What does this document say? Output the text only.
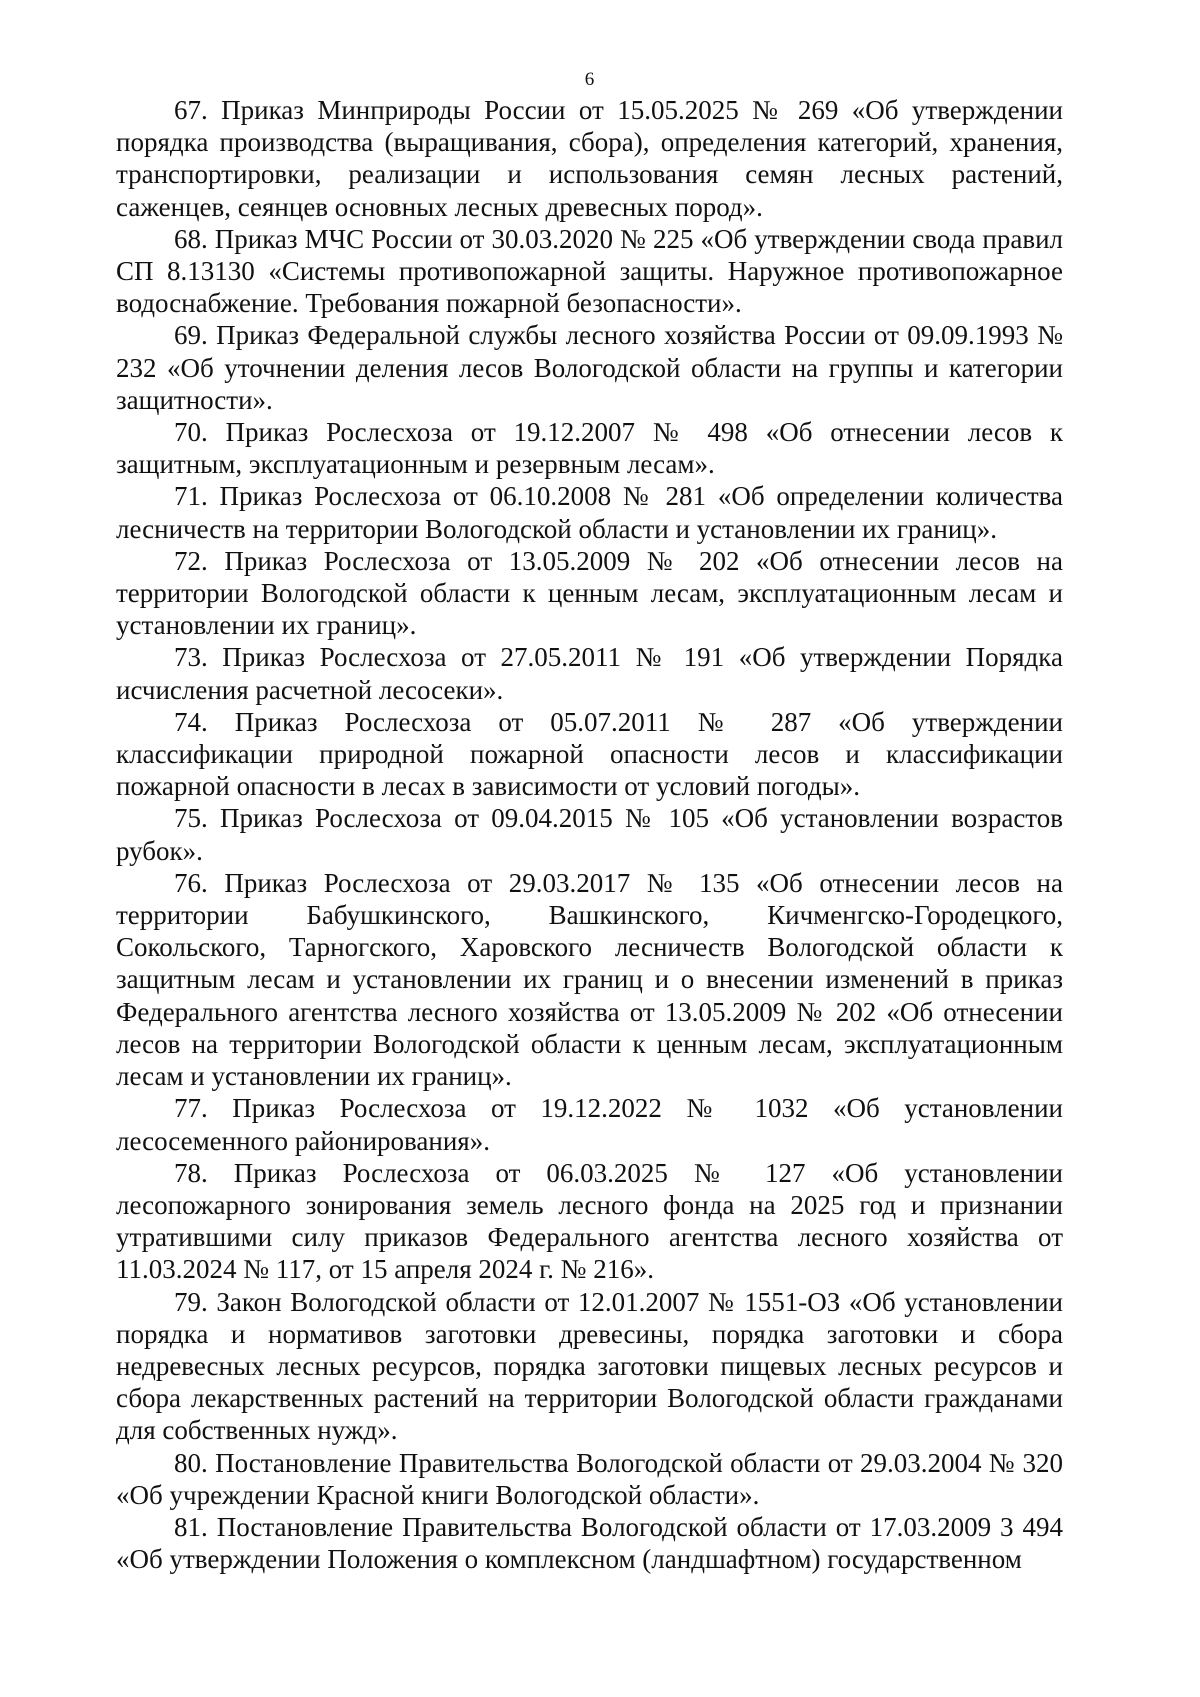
6

67. Приказ Минприроды России от 15.05.2025 № 269 «Об утверждении порядка производства (выращивания, сбора), определения категорий, хранения, транспортировки, реализации и использования семян лесных растений, саженцев, сеянцев основных лесных древесных пород».

68. Приказ МЧС России от 30.03.2020 № 225 «Об утверждении свода правил СП 8.13130 «Системы противопожарной защиты. Наружное противопожарное водоснабжение. Требования пожарной безопасности».

69. Приказ Федеральной службы лесного хозяйства России от 09.09.1993 № 232 «Об уточнении деления лесов Вологодской области на группы и категории защитности».

70. Приказ Рослесхоза от 19.12.2007 № 498 «Об отнесении лесов к защитным, эксплуатационным и резервным лесам».

71. Приказ Рослесхоза от 06.10.2008 № 281 «Об определении количества лесничеств на территории Вологодской области и установлении их границ».

72. Приказ Рослесхоза от 13.05.2009 № 202 «Об отнесении лесов на территории Вологодской области к ценным лесам, эксплуатационным лесам и установлении их границ».

73. Приказ Рослесхоза от 27.05.2011 № 191 «Об утверждении Порядка исчисления расчетной лесосеки».

74. Приказ Рослесхоза от 05.07.2011 № 287 «Об утверждении классификации природной пожарной опасности лесов и классификации пожарной опасности в лесах в зависимости от условий погоды».

75. Приказ Рослесхоза от 09.04.2015 № 105 «Об установлении возрастов рубок».

76. Приказ Рослесхоза от 29.03.2017 № 135 «Об отнесении лесов на территории Бабушкинского, Вашкинского, Кичменгско-Городецкого, Сокольского, Тарногского, Харовского лесничеств Вологодской области к защитным лесам и установлении их границ и о внесении изменений в приказ Федерального агентства лесного хозяйства от 13.05.2009 № 202 «Об отнесении лесов на территории Вологодской области к ценным лесам, эксплуатационным лесам и установлении их границ».

77. Приказ Рослесхоза от 19.12.2022 № 1032 «Об установлении лесосеменного районирования».

78. Приказ Рослесхоза от 06.03.2025 № 127 «Об установлении лесопожарного зонирования земель лесного фонда на 2025 год и признании утратившими силу приказов Федерального агентства лесного хозяйства от 11.03.2024 № 117, от 15 апреля 2024 г. № 216».

79. Закон Вологодской области от 12.01.2007 № 1551-ОЗ «Об установлении порядка и нормативов заготовки древесины, порядка заготовки и сбора недревесных лесных ресурсов, порядка заготовки пищевых лесных ресурсов и сбора лекарственных растений на территории Вологодской области гражданами для собственных нужд».

80. Постановление Правительства Вологодской области от 29.03.2004 № 320 «Об учреждении Красной книги Вологодской области».

81. Постановление Правительства Вологодской области от 17.03.2009 3 494 «Об утверждении Положения о комплексном (ландшафтном) государственном
